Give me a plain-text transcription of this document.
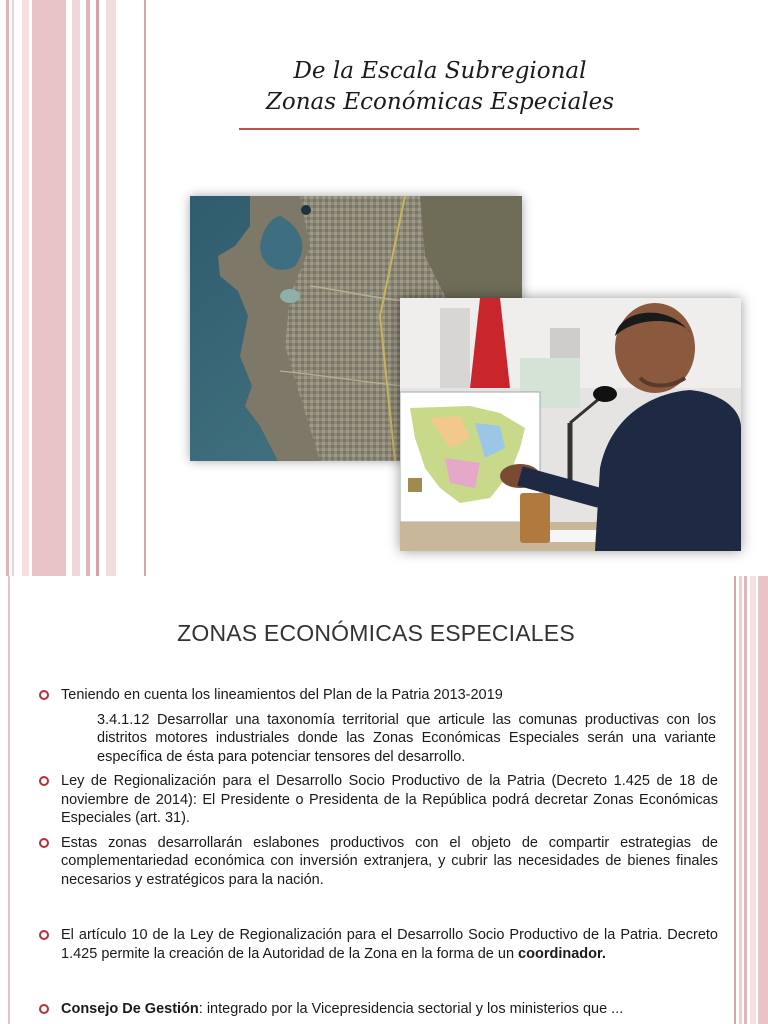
De la Escala Subregional
Zonas Económicas Especiales
ZONAS ECONÓMICAS ESPECIALES

Teniendo en cuenta los lineamientos del Plan de la Patria 2013-2019

3.4.1.12 Desarrollar una taxonomía territorial que articule las comunas productivas con los distritos motores industriales donde las Zonas Económicas Especiales serán una variante específica de ésta para potenciar tensores del desarrollo.

Ley de Regionalización para el Desarrollo Socio Productivo de la Patria (Decreto 1.425 de 18 de noviembre de 2014): El Presidente o Presidenta de la República podrá decretar Zonas Económicas Especiales (art. 31).

Estas zonas desarrollarán eslabones productivos con el objeto de compartir estrategias de complementariedad económica con inversión extranjera, y cubrir las necesidades de bienes finales necesarios y estratégicos para la nación.

El artículo 10 de la Ley de Regionalización para el Desarrollo Socio Productivo de la Patria. Decreto 1.425 permite la creación de la Autoridad de la Zona en la forma de un coordinador.

Consejo De Gestión: integrado por la Vicepresidencia sectorial y los ministerios que ...
